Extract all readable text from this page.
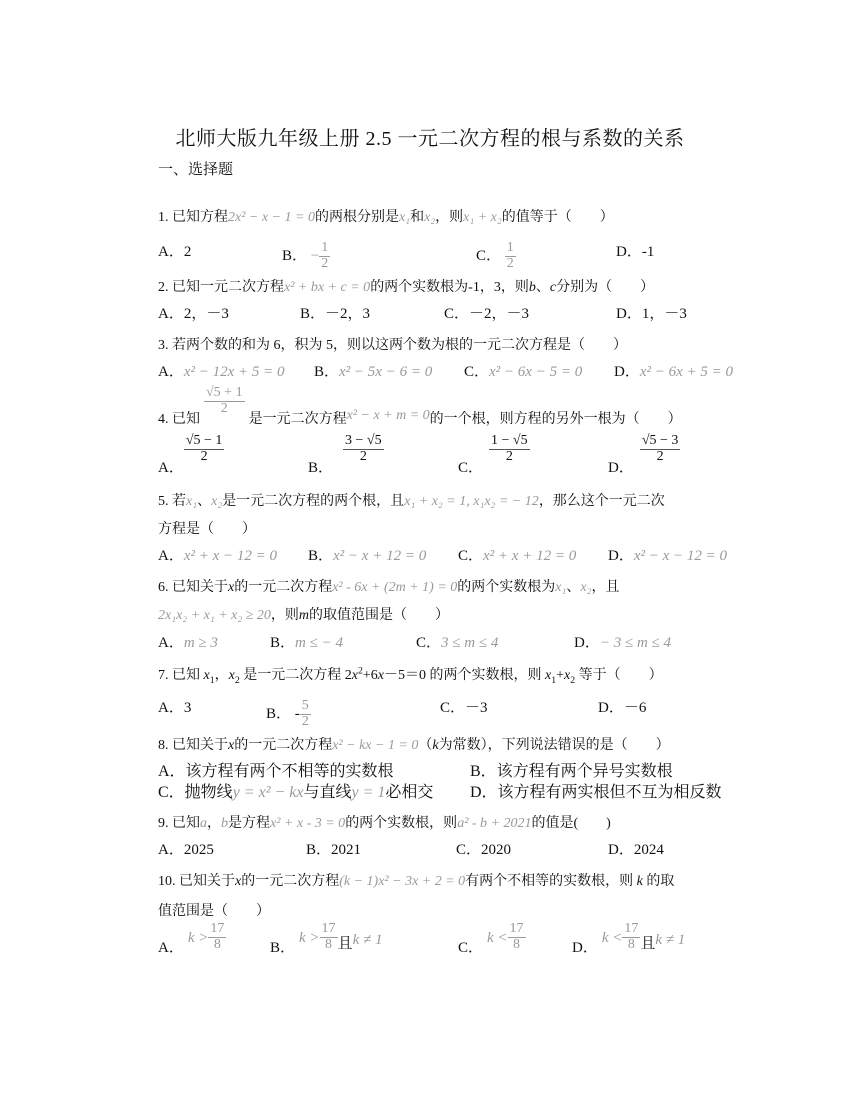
北师大版九年级上册 2.5 一元二次方程的根与系数的关系
一、选择题
1. 已知方程2x² − x − 1 = 0的两根分别是x₁和x₂，则x₁ + x₂的值等于（　　）
A．2	B． − $\frac{1}{2}$	C． $\frac{1}{2}$	D．-1
2. 已知一元二次方程x² + bx + c = 0的两个实数根为-1，3，则b、c分别为（　　）
A．2，－3	B．－2，3	C．－2，－3	D．1，－3
3. 若两个数的和为 6，积为 5，则以这两个数为根的一元二次方程是（　　）
A．x² − 12x + 5 = 0 B．x² − 5x − 6 = 0 C．x² − 6x − 5 = 0 D．x² − 6x + 5 = 0
4. 已知
$\frac{√5 + 1}{2}$
是一元二次方程x² − x + m = 0的一个根，则方程的另外一根为（　　）
A．
$\frac{√5 - 1}{2}$
B．
$\frac{3 - √5}{2}$
C．
$\frac{1 - √5}{2}$
D．
$\frac{√5 - 3}{2}$
5. 若x₁、x₂是一元二次方程的两个根，且x₁ + x₂ = 1, x₁x₂ = − 12，那么这个一元二次
方程是（　　）
A．x² + x − 12 = 0 B．x² − x + 12 = 0 C．x² + x + 12 = 0 D．x² − x − 12 = 0
6. 已知关于x的一元二次方程x² - 6x + (2m + 1) = 0的两个实数根为x₁、x₂，且
2x₁x₂ + x₁ + x₂ ≥ 20，则m的取值范围是（　　）
A．m ≥ 3	B．m ≤ − 4	C．3 ≤ m ≤ 4	D．− 3 ≤ m ≤ 4
7. 已知 $x_1$，$x_2$ 是一元二次方程 $2x^2+6x-5=0$ 的两个实数根，则 $x_1+x_2$ 等于（　　）
A．3	B． - $\frac{5}{2}$	C．－3	D．－6
8. 已知关于x的一元二次方程x² − kx − 1 = 0（k为常数），下列说法错误的是（　　）
A．该方程有两个不相等的实数根	B．该方程有两个异号实数根
C．抛物线y = x² − kx与直线y = 1必相交 D．该方程有两实根但不互为相反数
9. 已知a，b是方程x² + x - 3 = 0的两个实数根，则a² - b + 2021的值是(　　)
A．2025	B．2021	C．2020	D．2024
10. 已知关于x的一元二次方程(k − 1)x² − 3x + 2 = 0有两个不相等的实数根，则 k 的取
值范围是（　　）
A．$k > \frac{17}{8}$	B．$k > \frac{17}{8}$ 且k ≠ 1	C．$k < \frac{17}{8}$	D．$k < \frac{17}{8}$ 且k ≠ 1
